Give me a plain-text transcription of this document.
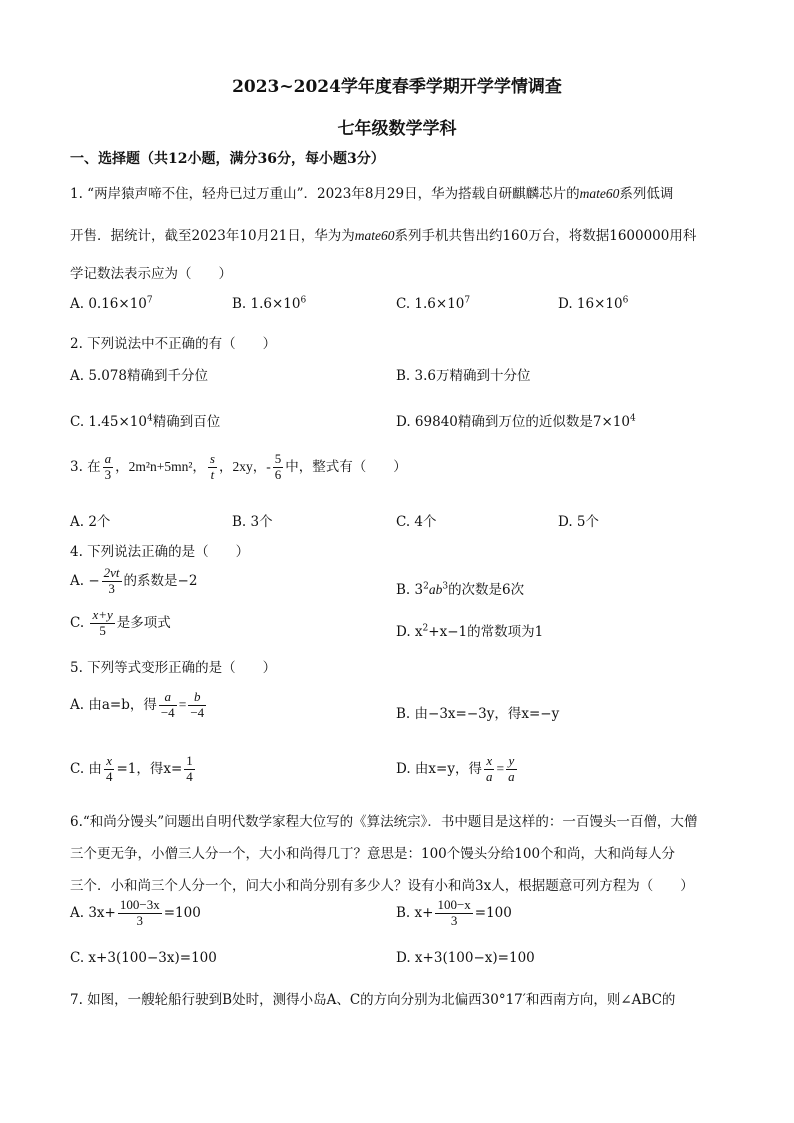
2023~2024学年度春季学期开学学情调查
七年级数学学科
一、选择题（共12小题，满分36分，每小题3分）
1. “两岸猿声啼不住，轻舟已过万重山”．2023年8月29日，华为搭载自研麒麟芯片的mate60系列低调
开售．据统计，截至2023年10月21日，华为为mate60系列手机共售出约160万台，将数据1600000用科
学记数法表示应为（　　）
A. $0.16\times 10^7$	B. $1.6\times 10^6$	C. $1.6\times 10^7$	D. $16\times 10^6$
2. 下列说法中不正确的有（　　）
A. 5.078精确到千分位	B. 3.6万精确到十分位
C. $1.45\times 10^4$精确到百位	D. 69840精确到万位的近似数是$7\times 10^4$
3. 在 $\frac{a}{3}$ ，2m²n+5mn²， $\frac{s}{t}$ ，2xy，- $\frac{5}{6}$ 中，整式有（　　）
A. 2个	B. 3个	C. 4个	D. 5个
4. 下列说法正确的是（　　）
A. − $\frac{2vt}{3}$ 的系数是−2
B. $3^2ab^3$的次数是6次
C. $\frac{x+y}{5}$ 是多项式
D. $x^2+x-1$的常数项为1
5. 下列等式变形正确的是（　　）
A. 由a=b，得 $\frac{a}{-4} = \frac{b}{-4}$	B. 由−3x=−3y，得x=−y
C. 由 $\frac{x}{4} =1$，得$x= \frac{1}{4}$	D. 由x=y，得 $\frac{x}{a} = \frac{y}{a}$
6.“和尚分馒头”问题出自明代数学家程大位写的《算法统宗》．书中题目是这样的：一百馒头一百僧，大僧
三个更无争，小僧三人分一个，大小和尚得几丁？意思是：100个馒头分给100个和尚，大和尚每人分
三个．小和尚三个人分一个，问大小和尚分别有多少人？设有小和尚3x人，根据题意可列方程为（　　）
A. $3x+ \frac{100-3x}{3} =100$	B. $x+ \frac{100-x}{3} =100$
C. x+3(100−3x)=100	D. x+3(100−x)=100
7. 如图，一艘轮船行驶到B处时，测得小岛A、C的方向分别为北偏西30°17′和西南方向，则∠ABC的
